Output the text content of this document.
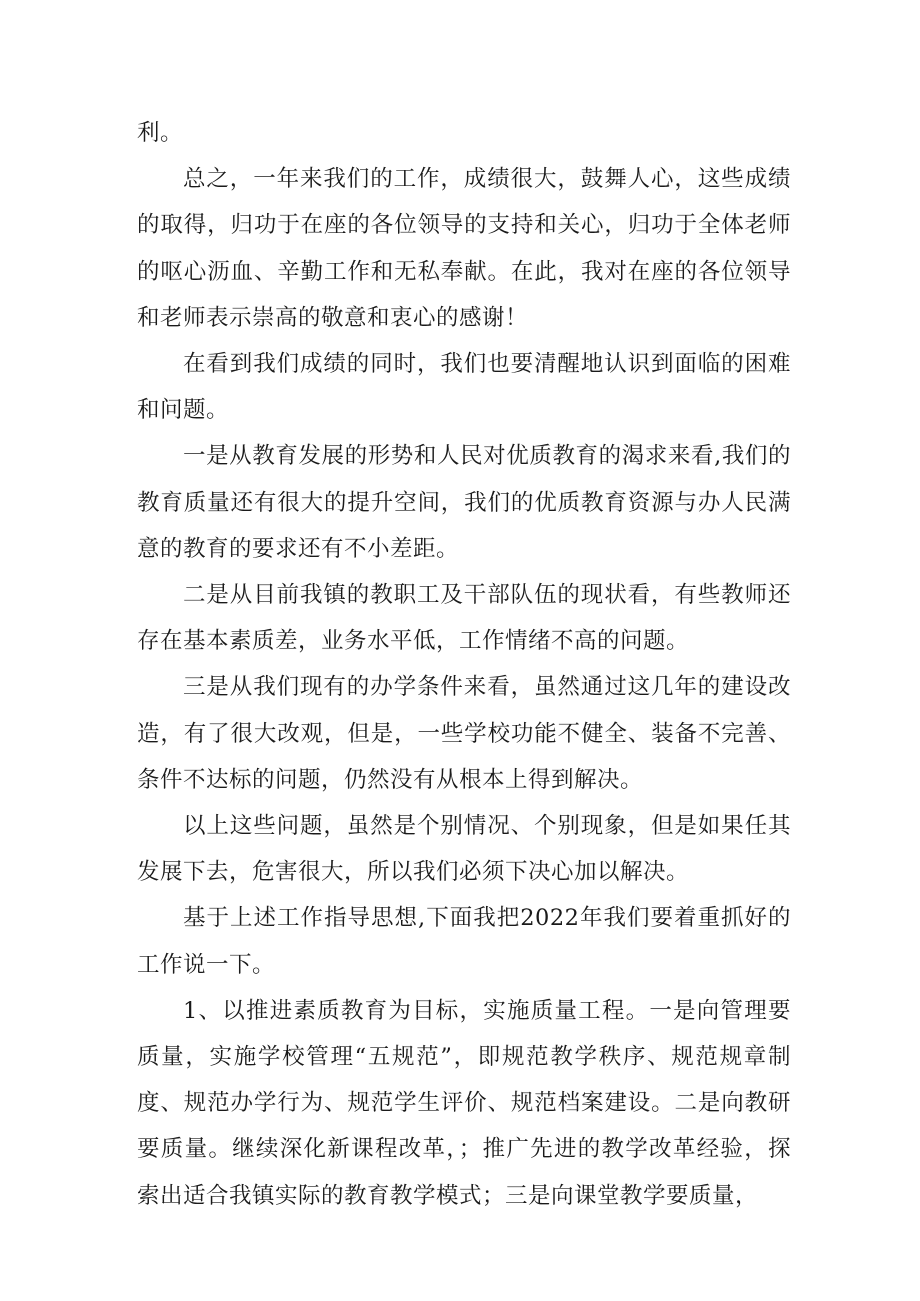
利。

总之，一年来我们的工作，成绩很大，鼓舞人心，这些成绩的取得，归功于在座的各位领导的支持和关心，归功于全体老师的呕心沥血、辛勤工作和无私奉献。在此，我对在座的各位领导和老师表示崇高的敬意和衷心的感谢！

在看到我们成绩的同时，我们也要清醒地认识到面临的困难和问题。

一是从教育发展的形势和人民对优质教育的渴求来看,我们的教育质量还有很大的提升空间，我们的优质教育资源与办人民满意的教育的要求还有不小差距。

二是从目前我镇的教职工及干部队伍的现状看，有些教师还存在基本素质差，业务水平低，工作情绪不高的问题。

三是从我们现有的办学条件来看，虽然通过这几年的建设改造，有了很大改观，但是，一些学校功能不健全、装备不完善、条件不达标的问题，仍然没有从根本上得到解决。

以上这些问题，虽然是个别情况、个别现象，但是如果任其发展下去，危害很大，所以我们必须下决心加以解决。

基于上述工作指导思想,下面我把2022年我们要着重抓好的工作说一下。

1、以推进素质教育为目标，实施质量工程。一是向管理要质量，实施学校管理“五规范”，即规范教学秩序、规范规章制度、规范办学行为、规范学生评价、规范档案建设。二是向教研要质量。继续深化新课程改革，；推广先进的教学改革经验，探索出适合我镇实际的教育教学模式；三是向课堂教学要质量，
